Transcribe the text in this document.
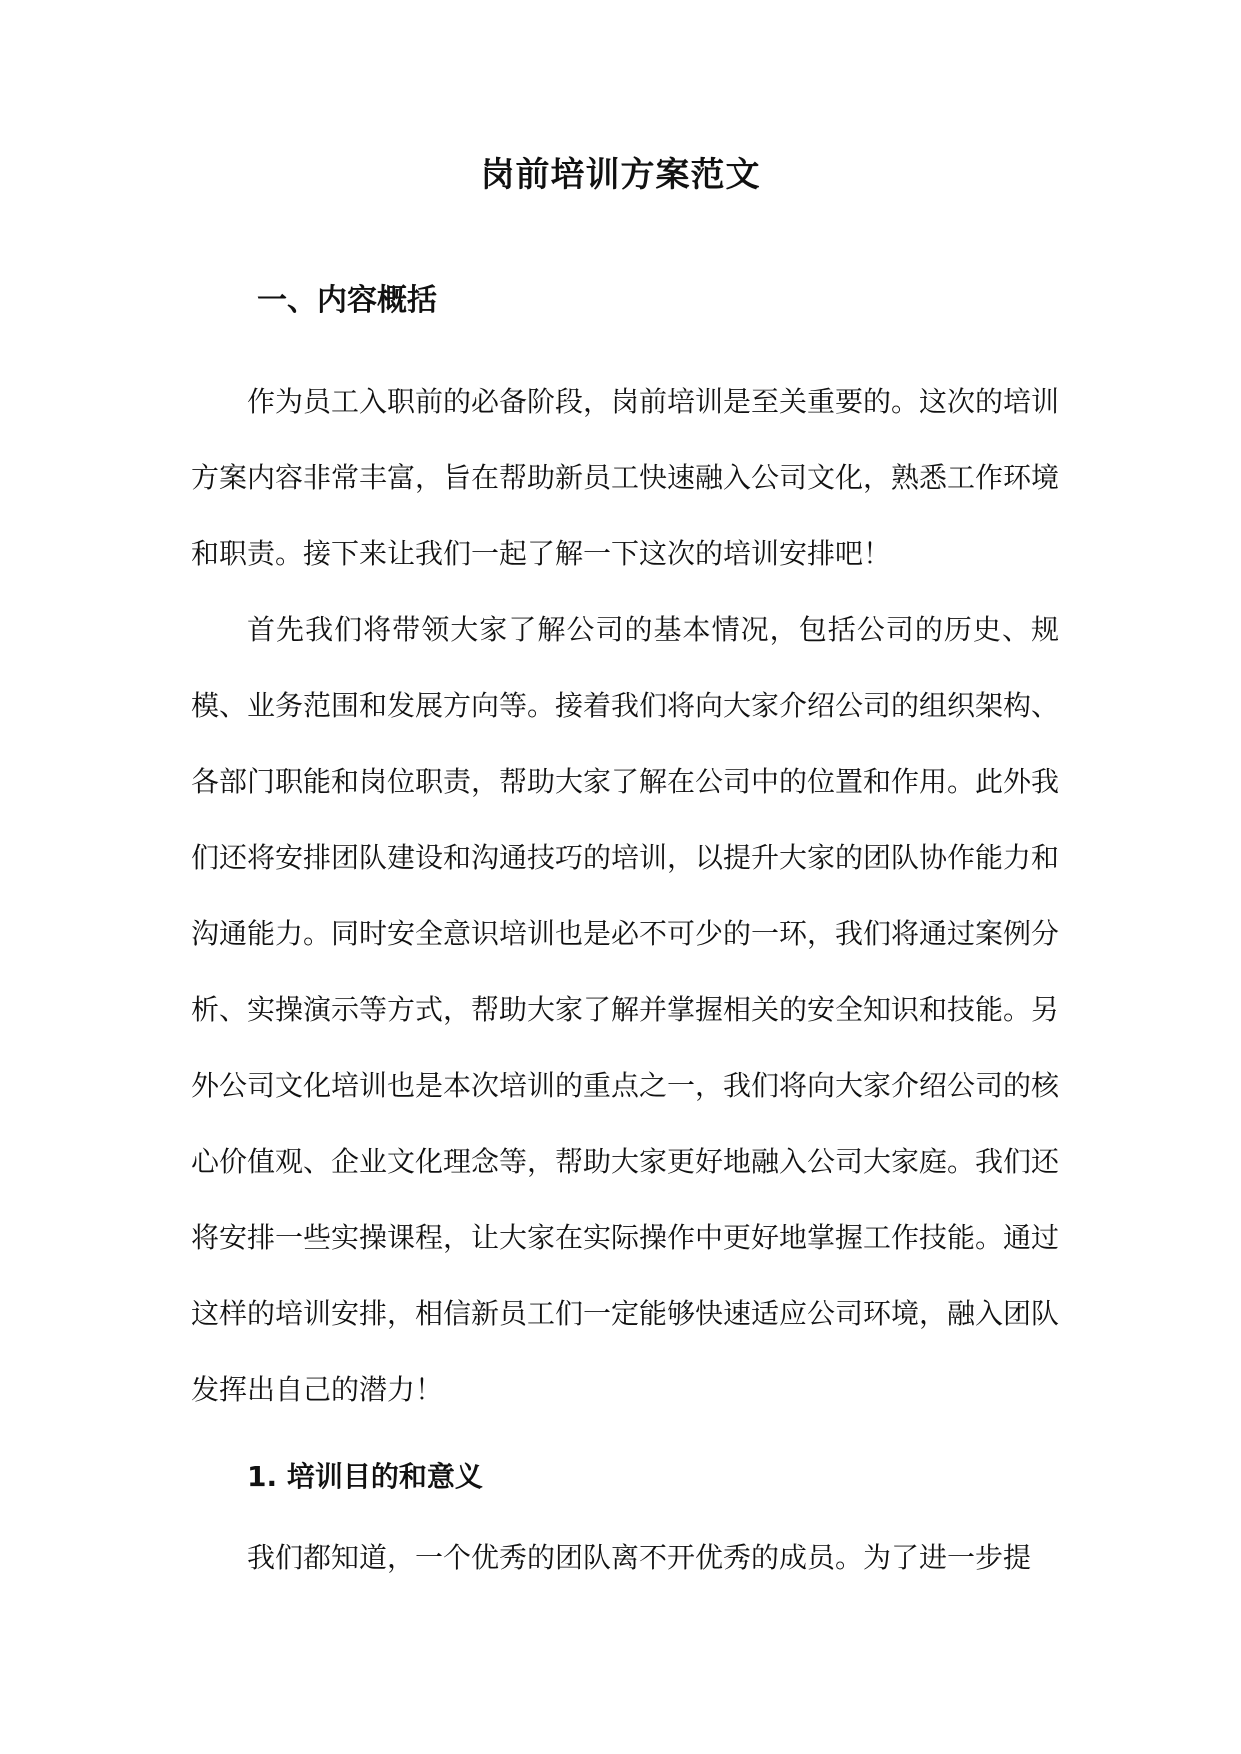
岗前培训方案范文
一、内容概括

作为员工入职前的必备阶段，岗前培训是至关重要的。这次的培训方案内容非常丰富，旨在帮助新员工快速融入公司文化，熟悉工作环境和职责。接下来让我们一起了解一下这次的培训安排吧！

首先我们将带领大家了解公司的基本情况，包括公司的历史、规模、业务范围和发展方向等。接着我们将向大家介绍公司的组织架构、各部门职能和岗位职责，帮助大家了解在公司中的位置和作用。此外我们还将安排团队建设和沟通技巧的培训，以提升大家的团队协作能力和沟通能力。同时安全意识培训也是必不可少的一环，我们将通过案例分析、实操演示等方式，帮助大家了解并掌握相关的安全知识和技能。另外公司文化培训也是本次培训的重点之一，我们将向大家介绍公司的核心价值观、企业文化理念等，帮助大家更好地融入公司大家庭。我们还将安排一些实操课程，让大家在实际操作中更好地掌握工作技能。通过这样的培训安排，相信新员工们一定能够快速适应公司环境，融入团队发挥出自己的潜力！

1. 培训目的和意义

我们都知道，一个优秀的团队离不开优秀的成员。为了进一步提
